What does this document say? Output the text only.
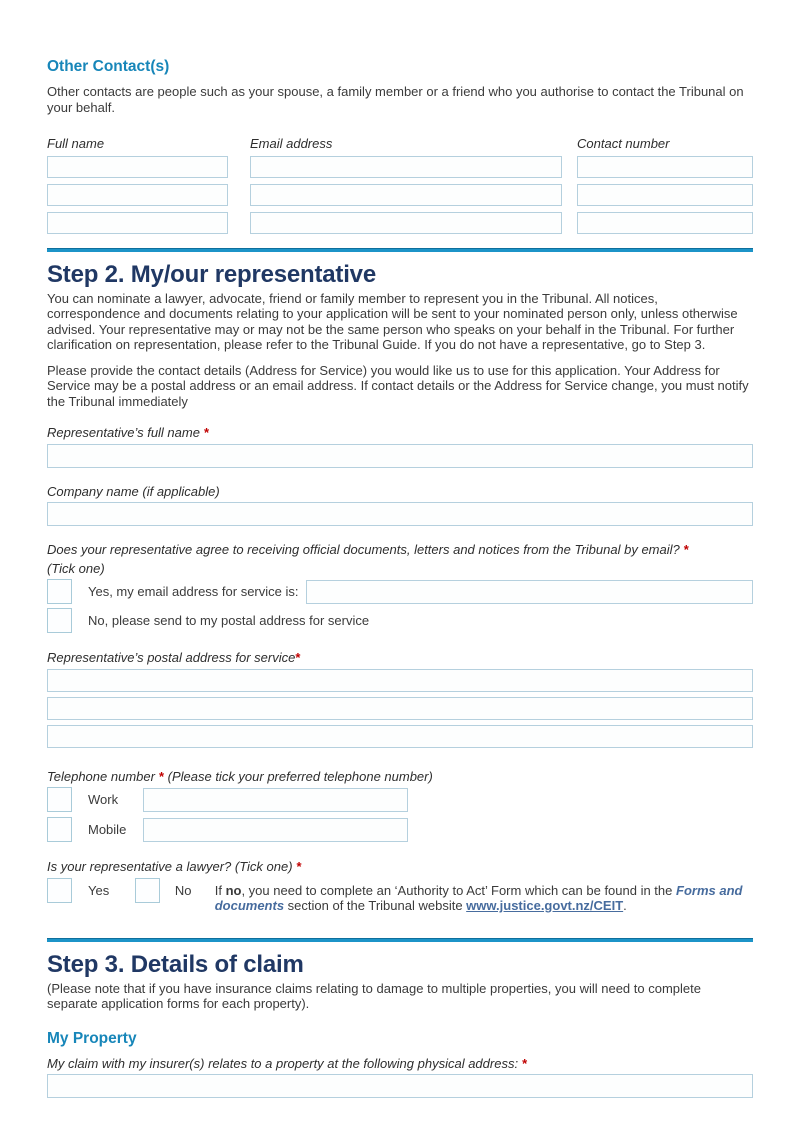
Other Contact(s)
Other contacts are people such as your spouse, a family member or a friend who you authorise to contact the Tribunal on your behalf.
Full name	Email address	Contact number
Step 2. My/our representative
You can nominate a lawyer, advocate, friend or family member to represent you in the Tribunal. All notices, correspondence and documents relating to your application will be sent to your nominated person only, unless otherwise advised. Your representative may or may not be the same person who speaks on your behalf in the Tribunal. For further clarification on representation, please refer to the Tribunal Guide. If you do not have a representative, go to Step 3.
Please provide the contact details (Address for Service) you would like us to use for this application. Your Address for Service may be a postal address or an email address. If contact details or the Address for Service change, you must notify the Tribunal immediately
Representative’s full name *
Company name (if applicable)
Does your representative agree to receiving official documents, letters and notices from the Tribunal by email? *
(Tick one)
Yes, my email address for service is:
No, please send to my postal address for service
Representative’s postal address for service*
Telephone number * (Please tick your preferred telephone number)
Work
Mobile
Is your representative a lawyer? (Tick one) *
Yes	No	If no, you need to complete an ‘Authority to Act’ Form which can be found in the Forms and documents section of the Tribunal website www.justice.govt.nz/CEIT.
Step 3. Details of claim
(Please note that if you have insurance claims relating to damage to multiple properties, you will need to complete separate application forms for each property).
My Property
My claim with my insurer(s) relates to a property at the following physical address: *
